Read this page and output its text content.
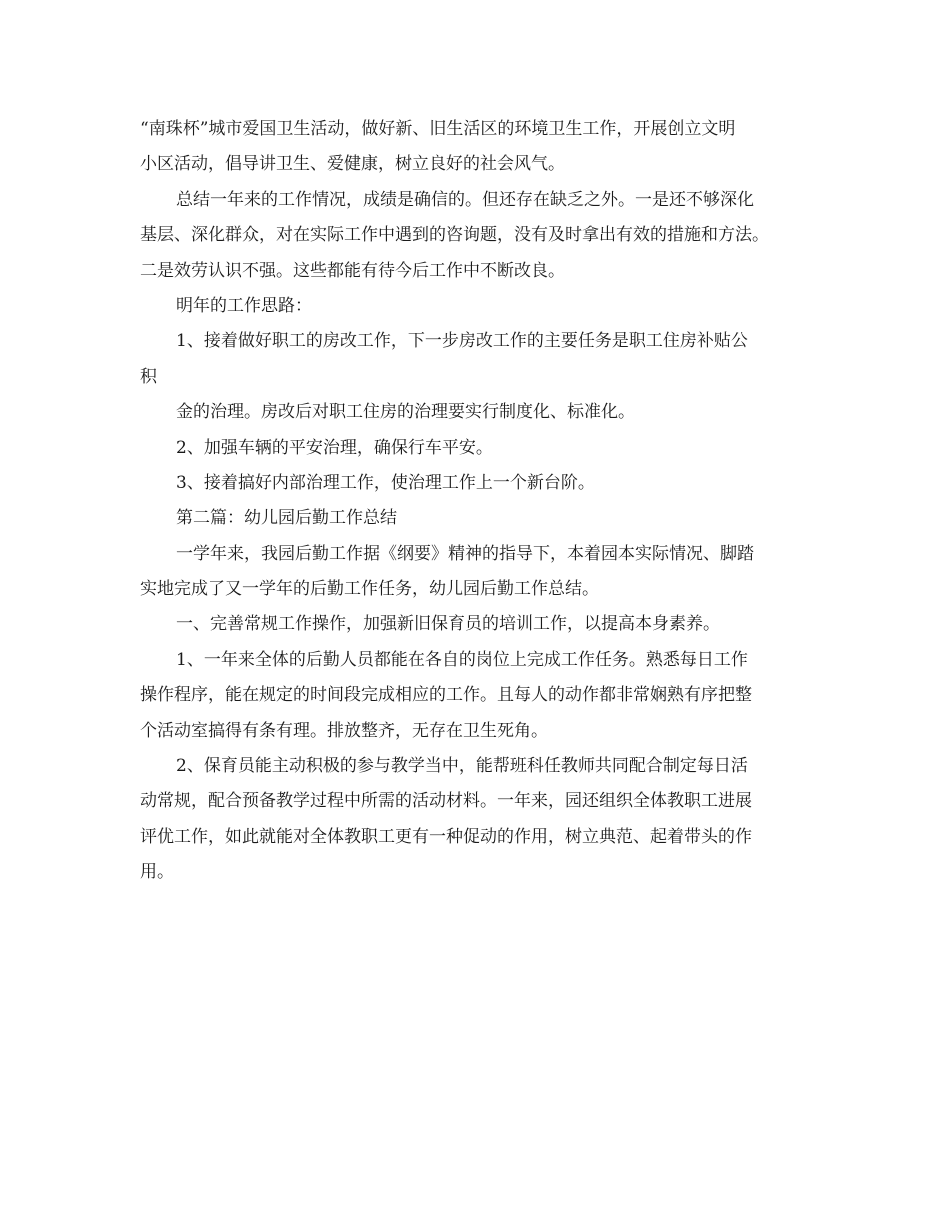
“南珠杯”城市爱国卫生活动，做好新、旧生活区的环境卫生工作，开展创立文明
小区活动，倡导讲卫生、爱健康，树立良好的社会风气。
总结一年来的工作情况，成绩是确信的。但还存在缺乏之外。一是还不够深化
基层、深化群众，对在实际工作中遇到的咨询题，没有及时拿出有效的措施和方法。
二是效劳认识不强。这些都能有待今后工作中不断改良。
明年的工作思路：
1、接着做好职工的房改工作，下一步房改工作的主要任务是职工住房补贴公
积
金的治理。房改后对职工住房的治理要实行制度化、标准化。
2、加强车辆的平安治理，确保行车平安。
3、接着搞好内部治理工作，使治理工作上一个新台阶。
第二篇：幼儿园后勤工作总结
一学年来，我园后勤工作据《纲要》精神的指导下，本着园本实际情况、脚踏
实地完成了又一学年的后勤工作任务，幼儿园后勤工作总结。
一、完善常规工作操作，加强新旧保育员的培训工作，以提高本身素养。
1、一年来全体的后勤人员都能在各自的岗位上完成工作任务。熟悉每日工作
操作程序，能在规定的时间段完成相应的工作。且每人的动作都非常娴熟有序把整
个活动室搞得有条有理。排放整齐，无存在卫生死角。
2、保育员能主动积极的参与教学当中，能帮班科任教师共同配合制定每日活
动常规，配合预备教学过程中所需的活动材料。一年来，园还组织全体教职工进展
评优工作，如此就能对全体教职工更有一种促动的作用，树立典范、起着带头的作
用。
